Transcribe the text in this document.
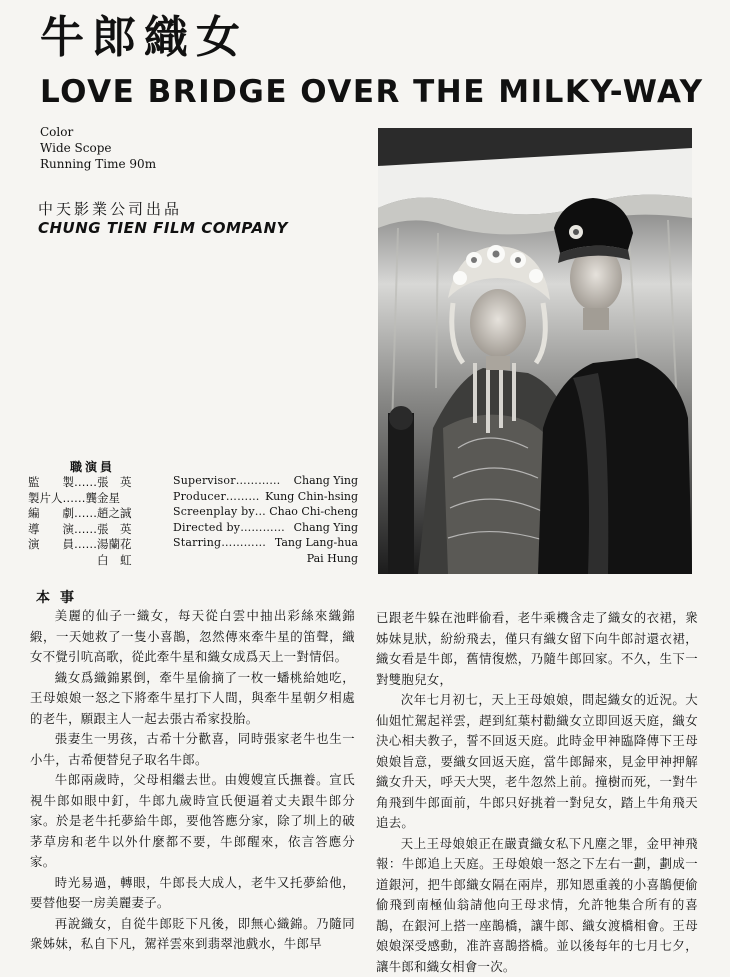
牛郎織女
LOVE BRIDGE OVER THE MILKY-WAY
Color
Wide Scope
Running Time 90m
中天影業公司出品
CHUNG TIEN FILM COMPANY
職演員
監　　製……張　英	Supervisor………… Chang Ying
製片人……龔金星	Producer……… Kung Chin-hsing
編　　劇……趙之誠	Screenplay by… Chao Chi-cheng
導　　演……張　英	Directed by………… Chang Ying
演　　員……湯蘭花	Starring………… Tang Lang-hua
　　　　　　白　虹	Pai Hung
本事

美麗的仙子一織女，每天從白雲中抽出彩絲來織錦緞，一天她救了一隻小喜鵲，忽然傳來牽牛星的笛聲，織女不覺引吭高歌，從此牽牛星和織女成爲天上一對情侶。

織女爲織錦累倒，牽牛星偷摘了一枚一蟠桃給她吃，王母娘娘一怒之下將牽牛星打下人間，與牽牛星朝夕相處的老牛，願跟主人一起去張古希家投胎。

張妻生一男孩，古希十分歡喜，同時張家老牛也生一小牛，古希便替兒子取名牛郎。

牛郎兩歲時，父母相繼去世。由嫂嫂宣氏撫養。宣氏視牛郎如眼中釘，牛郎九歲時宣氏便逼着丈夫跟牛郎分家。於是老牛托夢給牛郎，要他答應分家，除了圳上的破茅草房和老牛以外什麼都不要，牛郎醒來，依言答應分家。

時光易過，轉眼，牛郎長大成人，老牛又托夢給他，要替他娶一房美麗妻子。

再說織女，自從牛郎貶下凡後，即無心織錦。乃隨同衆姊妹，私自下凡，駕祥雲來到翡翠池戲水，牛郎早

已跟老牛躲在池畔偷看，老牛乘機含走了織女的衣裙，衆姊妹見狀，紛紛飛去，僅只有織女留下向牛郎討還衣裙，織女看是牛郎，舊情復燃，乃隨牛郎回家。不久，生下一對雙胞兒女，

次年七月初七，天上王母娘娘，問起織女的近況。大仙姐忙駕起祥雲，趕到紅葉村勸織女立即回返天庭，織女決心相夫教子，誓不回返天庭。此時金甲神臨降傳下王母娘娘旨意，要織女回返天庭，當牛郎歸來，見金甲神押解織女升天，呼天大哭，老牛忽然上前。撞樹而死，一對牛角飛到牛郎面前，牛郎只好挑着一對兒女，踏上牛角飛天追去。

天上王母娘娘正在嚴責織女私下凡塵之罪，金甲神飛報：牛郎追上天庭。王母娘娘一怒之下左右一劃，劃成一道銀河，把牛郎織女隔在兩岸，那知恩重義的小喜鵲便偷偷飛到南極仙翁請他向王母求情，允許牠集合所有的喜鵲，在銀河上搭一座鵲橋，讓牛郎、織女渡橋相會。王母娘娘深受感動，准許喜鵲搭橋。並以後每年的七月七夕，讓牛郎和織女相會一次。
